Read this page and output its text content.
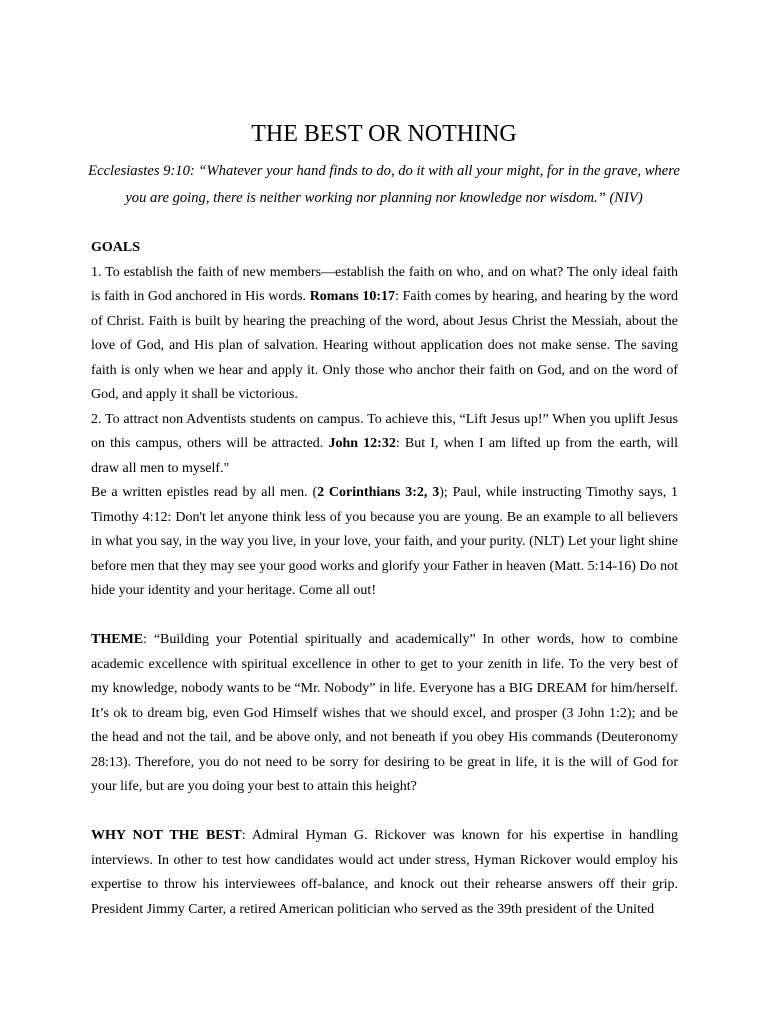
THE BEST OR NOTHING
Ecclesiastes 9:10: “Whatever your hand finds to do, do it with all your might, for in the grave, where you are going, there is neither working nor planning nor knowledge nor wisdom.” (NIV)

GOALS

1. To establish the faith of new members—establish the faith on who, and on what? The only ideal faith is faith in God anchored in His words. Romans 10:17: Faith comes by hearing, and hearing by the word of Christ. Faith is built by hearing the preaching of the word, about Jesus Christ the Messiah, about the love of God, and His plan of salvation. Hearing without application does not make sense. The saving faith is only when we hear and apply it. Only those who anchor their faith on God, and on the word of God, and apply it shall be victorious.

2. To attract non Adventists students on campus. To achieve this, “Lift Jesus up!” When you uplift Jesus on this campus, others will be attracted. John 12:32: But I, when I am lifted up from the earth, will draw all men to myself."

Be a written epistles read by all men. (2 Corinthians 3:2, 3); Paul, while instructing Timothy says, 1 Timothy 4:12: Don't let anyone think less of you because you are young. Be an example to all believers in what you say, in the way you live, in your love, your faith, and your purity. (NLT) Let your light shine before men that they may see your good works and glorify your Father in heaven (Matt. 5:14-16) Do not hide your identity and your heritage. Come all out!

THEME: “Building your Potential spiritually and academically” In other words, how to combine academic excellence with spiritual excellence in other to get to your zenith in life. To the very best of my knowledge, nobody wants to be “Mr. Nobody” in life. Everyone has a BIG DREAM for him/herself. It’s ok to dream big, even God Himself wishes that we should excel, and prosper (3 John 1:2); and be the head and not the tail, and be above only, and not beneath if you obey His commands (Deuteronomy 28:13). Therefore, you do not need to be sorry for desiring to be great in life, it is the will of God for your life, but are you doing your best to attain this height?

WHY NOT THE BEST: Admiral Hyman G. Rickover was known for his expertise in handling interviews. In other to test how candidates would act under stress, Hyman Rickover would employ his expertise to throw his interviewees off-balance, and knock out their rehearse answers off their grip. President Jimmy Carter, a retired American politician who served as the 39th president of the United
